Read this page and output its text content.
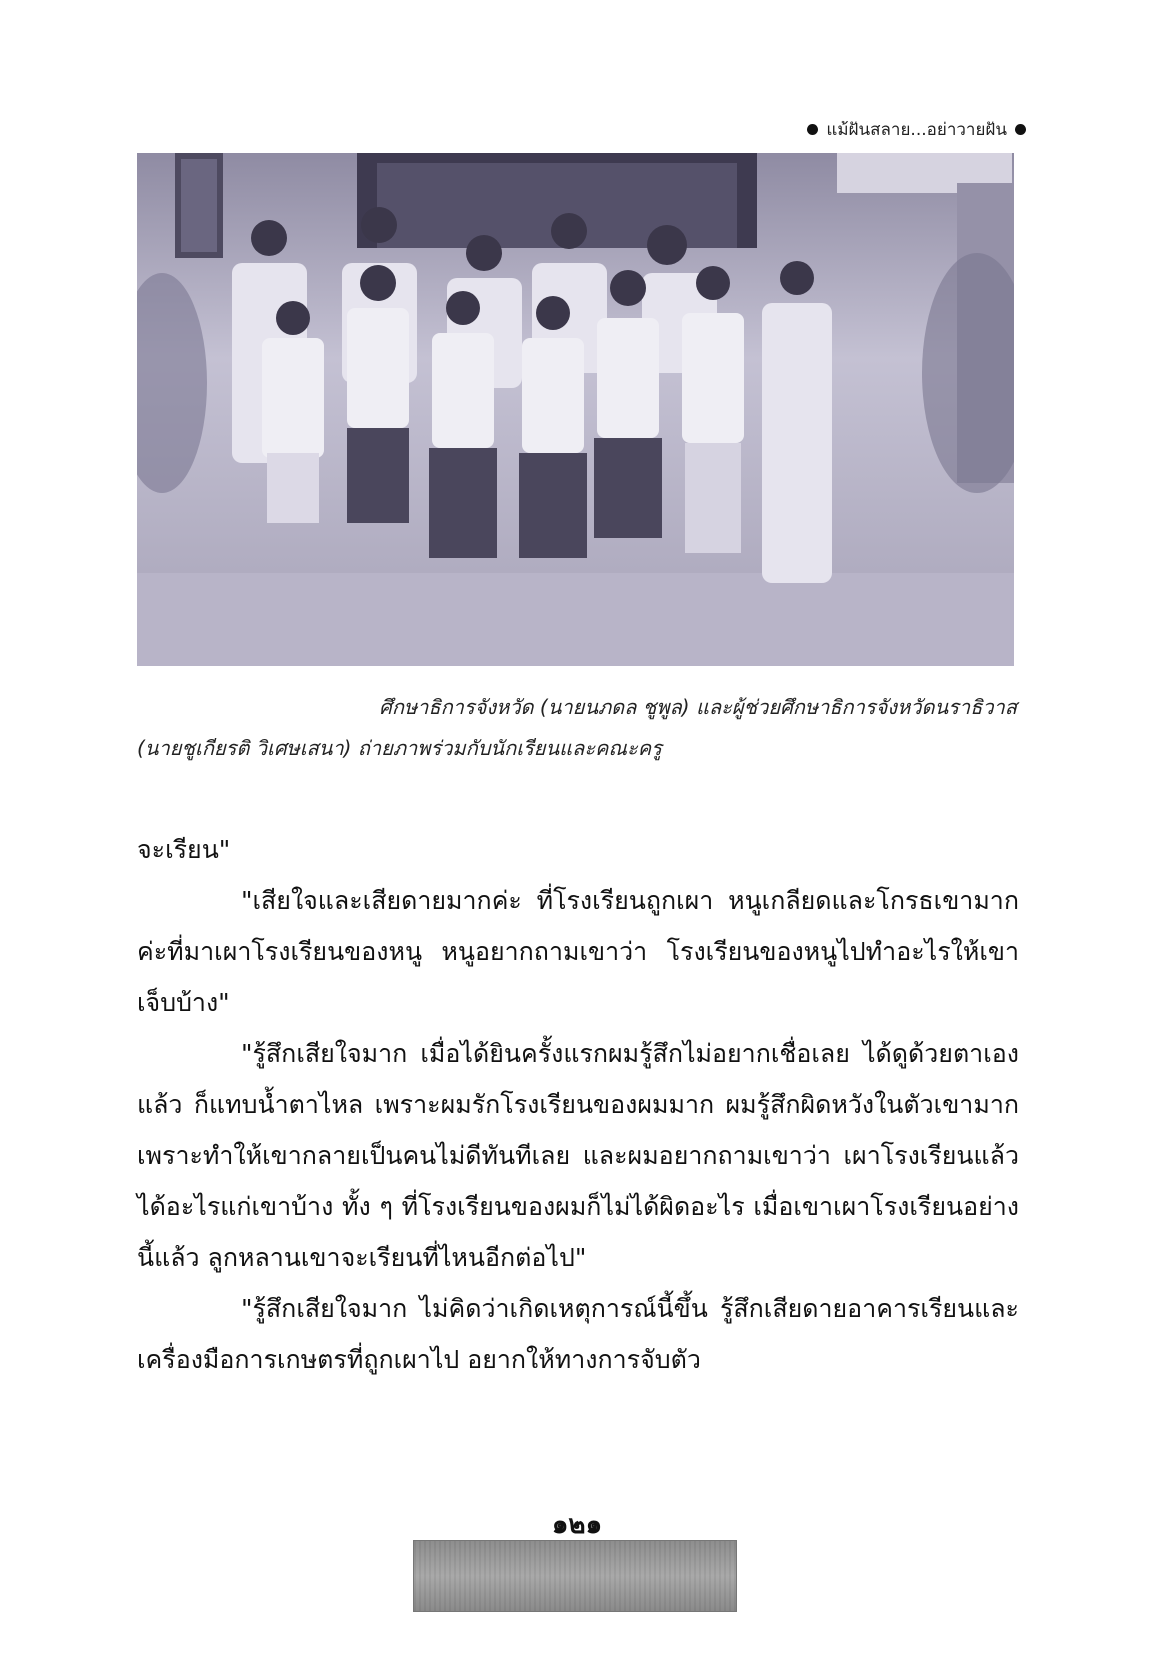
แม้ฝันสลาย...อย่าวายฝัน
ศึกษาธิการจังหวัด (นายนภดล ชูพูล) และผู้ช่วยศึกษาธิการจังหวัดนราธิวาส
(นายชูเกียรติ วิเศษเสนา) ถ่ายภาพร่วมกับนักเรียนและคณะครู

จะเรียน"

"เสียใจและเสียดายมากค่ะ ที่โรงเรียนถูกเผา หนูเกลียดและโกรธเขามากค่ะที่มาเผาโรงเรียนของหนู หนูอยากถามเขาว่า โรงเรียนของหนูไปทำอะไรให้เขาเจ็บบ้าง"

"รู้สึกเสียใจมาก เมื่อได้ยินครั้งแรกผมรู้สึกไม่อยากเชื่อเลย ได้ดูด้วยตาเองแล้ว ก็แทบน้ำตาไหล เพราะผมรักโรงเรียนของผมมาก ผมรู้สึกผิดหวังในตัวเขามาก เพราะทำให้เขากลายเป็นคนไม่ดีทันทีเลย และผมอยากถามเขาว่า เผาโรงเรียนแล้วได้อะไรแก่เขาบ้าง ทั้ง ๆ ที่โรงเรียนของผมก็ไม่ได้ผิดอะไร เมื่อเขาเผาโรงเรียนอย่างนี้แล้ว ลูกหลานเขาจะเรียนที่ไหนอีกต่อไป"

"รู้สึกเสียใจมาก ไม่คิดว่าเกิดเหตุการณ์นี้ขึ้น รู้สึกเสียดายอาคารเรียนและเครื่องมือการเกษตรที่ถูกเผาไป อยากให้ทางการจับตัว

๑๒๑
